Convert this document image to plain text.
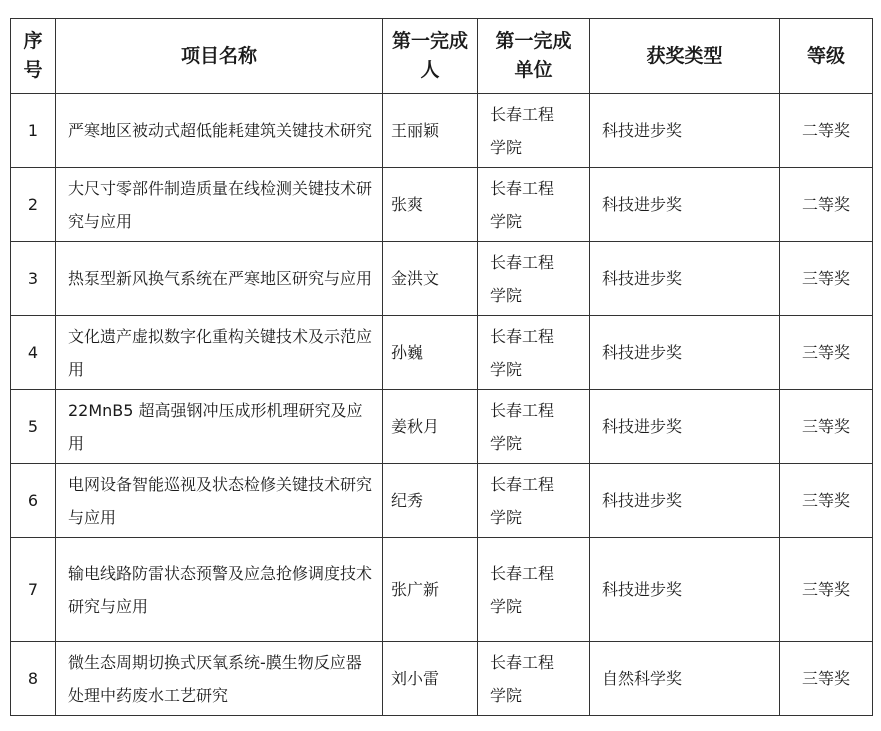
序号	项目名称	第一完成人	第一完成单位	获奖类型	等级
1	严寒地区被动式超低能耗建筑关键技术研究	王丽颖	长春工程学院	科技进步奖	二等奖
2	大尺寸零部件制造质量在线检测关键技术研究与应用	张爽	长春工程学院	科技进步奖	二等奖
3	热泵型新风换气系统在严寒地区研究与应用	金洪文	长春工程学院	科技进步奖	三等奖
4	文化遗产虚拟数字化重构关键技术及示范应用	孙巍	长春工程学院	科技进步奖	三等奖
5	22MnB5 超高强钢冲压成形机理研究及应用	姜秋月	长春工程学院	科技进步奖	三等奖
6	电网设备智能巡视及状态检修关键技术研究与应用	纪秀	长春工程学院	科技进步奖	三等奖
7	输电线路防雷状态预警及应急抢修调度技术研究与应用	张广新	长春工程学院	科技进步奖	三等奖
8	微生态周期切换式厌氧系统-膜生物反应器处理中药废水工艺研究	刘小雷	长春工程学院	自然科学奖	三等奖
